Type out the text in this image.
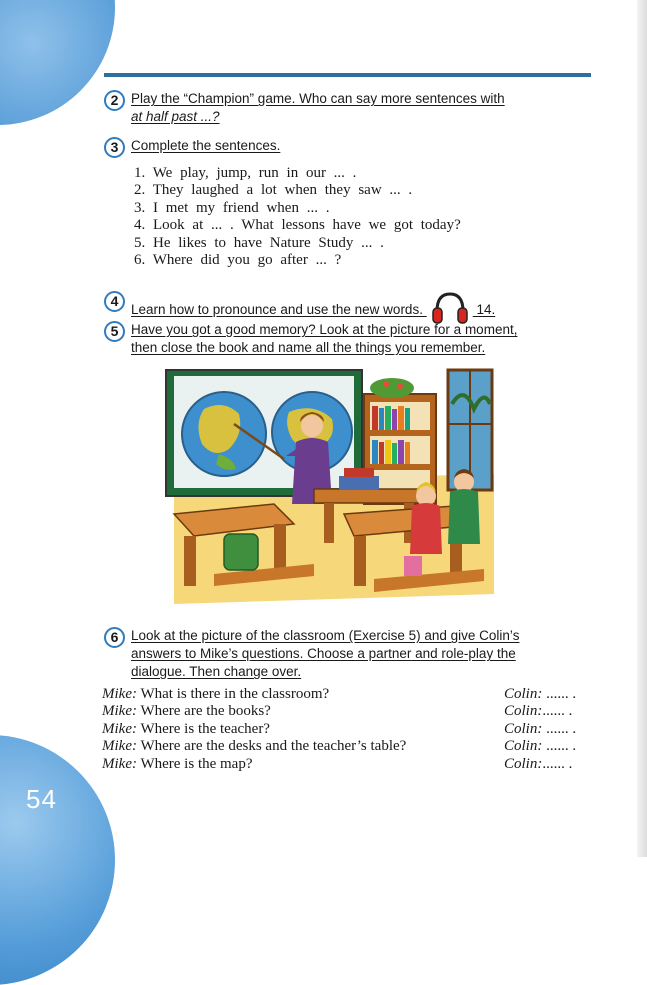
54
2 Play the “Champion” game. Who can say more sentences with
at half past ...?
3 Complete the sentences.
1. We play, jump, run in our ... .
2. They laughed a lot when they saw ... .
3. I met my friend when ... .
4. Look at ... . What lessons have we got today?
5. He likes to have Nature Study ... .
6. Where did you go after ... ?
4
Learn how to pronounce and use the new words.	14.
5 Have you got a good memory? Look at the picture for a moment,
then close the book and name all the things you remember.
6 Look at the picture of the classroom (Exercise 5) and give Colin’s
answers to Mike’s questions. Choose a partner and role-play the
dialogue. Then change over.
Mike: What is there in the classroom?	Colin: ...... .
Mike: Where are the books?	Colin:...... .
Mike: Where is the teacher?	Colin: ...... .
Mike: Where are the desks and the teacher’s table?	Colin: ...... .
Mike: Where is the map?	Colin:...... .
